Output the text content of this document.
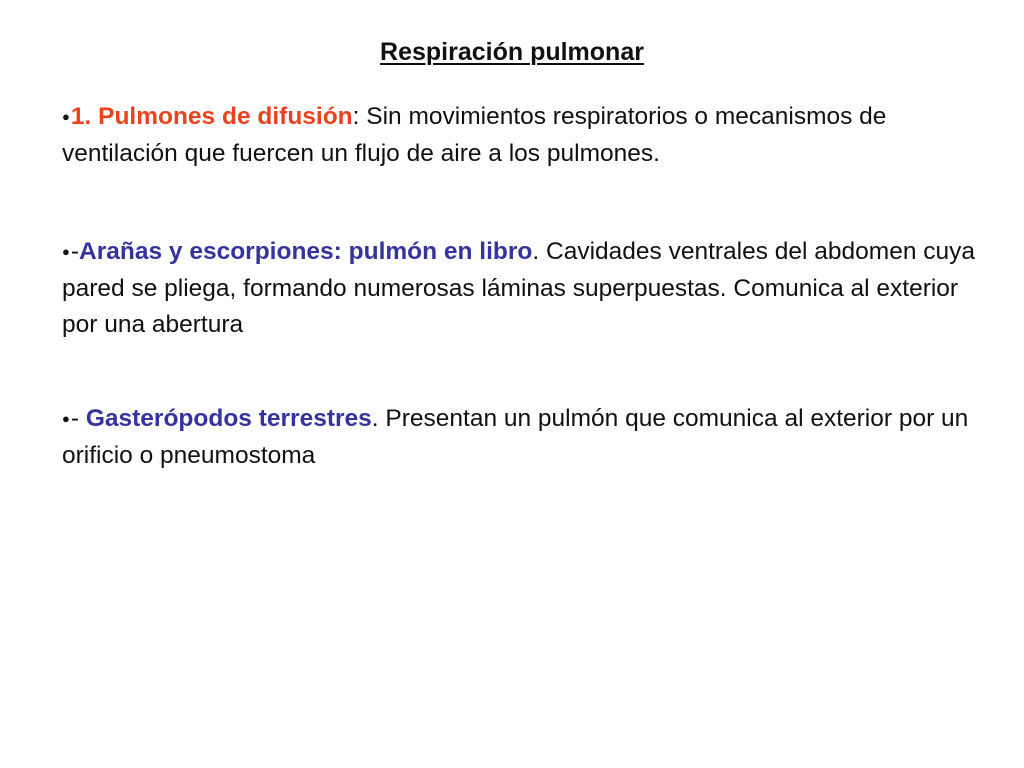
Respiración pulmonar
●1. Pulmones de difusión: Sin movimientos respiratorios o mecanismos de ventilación que fuercen un flujo de aire a los pulmones.
●-Arañas y escorpiones: pulmón en libro. Cavidades ventrales del abdomen cuya pared se pliega, formando numerosas láminas superpuestas. Comunica al exterior por una abertura
●- Gasterópodos terrestres. Presentan un pulmón que comunica al exterior por un orificio o pneumostoma
